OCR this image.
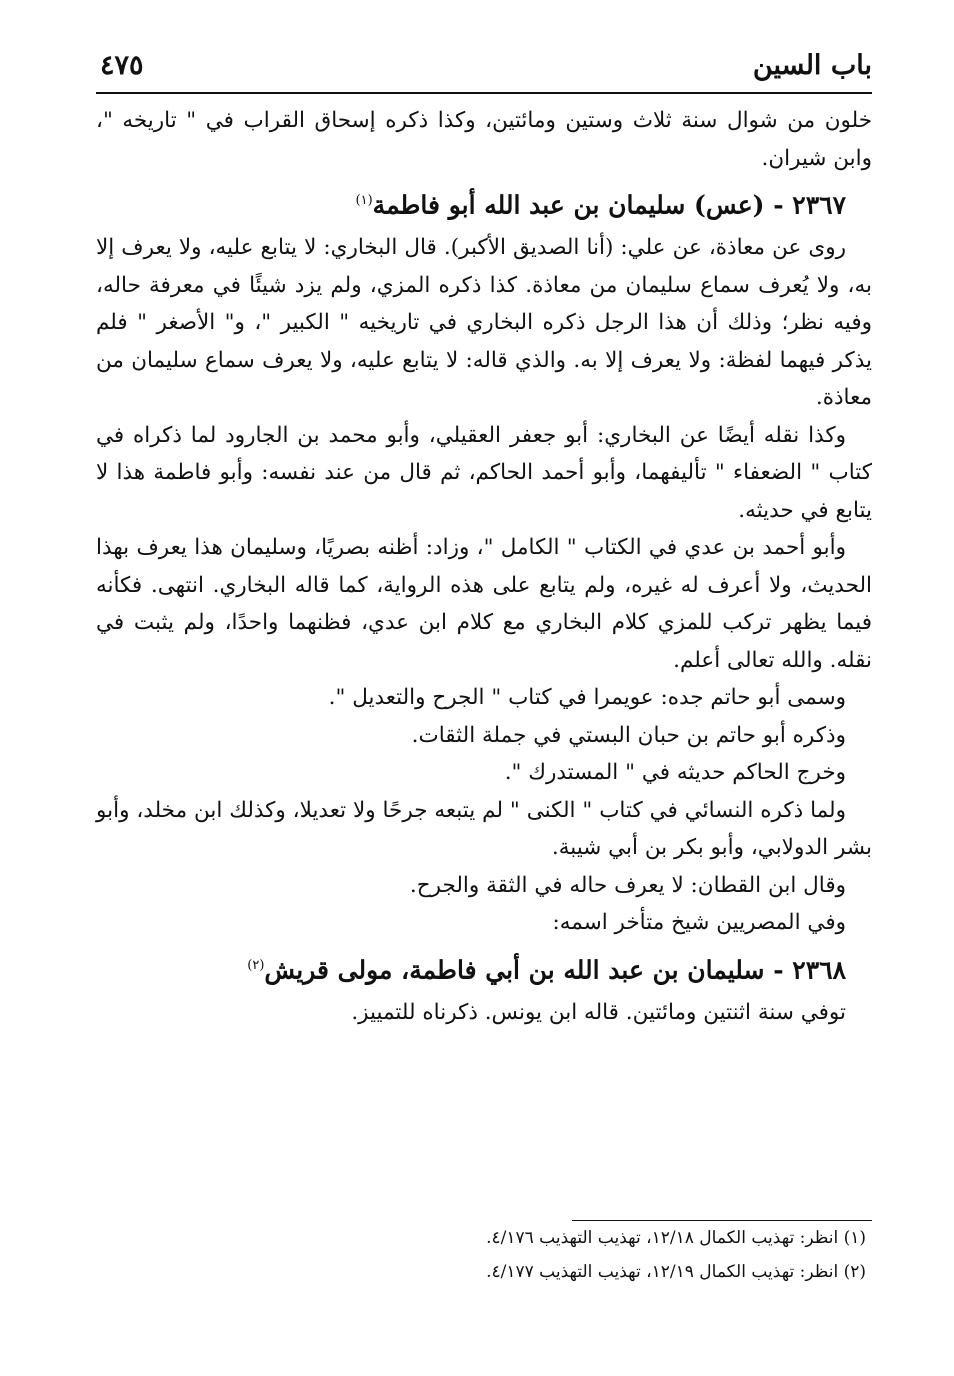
باب السين
٤٧٥

خلون من شوال سنة ثلاث وستين ومائتين، وكذا ذكره إسحاق القراب في " تاريخه "، وابن شيران.

٢٣٦٧ - (عس) سليمان بن عبد الله أبو فاطمة$^{(١)}$

روى عن معاذة، عن علي: (أنا الصديق الأكبر). قال البخاري: لا يتابع عليه، ولا يعرف إلا به، ولا يُعرف سماع سليمان من معاذة. كذا ذكره المزي، ولم يزد شيئًا في معرفة حاله، وفيه نظر؛ وذلك أن هذا الرجل ذكره البخاري في تاريخيه " الكبير "، و" الأصغر " فلم يذكر فيهما لفظة: ولا يعرف إلا به. والذي قاله: لا يتابع عليه، ولا يعرف سماع سليمان من معاذة.

وكذا نقله أيضًا عن البخاري: أبو جعفر العقيلي، وأبو محمد بن الجارود لما ذكراه في كتاب " الضعفاء " تأليفهما، وأبو أحمد الحاكم، ثم قال من عند نفسه: وأبو فاطمة هذا لا يتابع في حديثه.

وأبو أحمد بن عدي في الكتاب " الكامل "، وزاد: أظنه بصريًا، وسليمان هذا يعرف بهذا الحديث، ولا أعرف له غيره، ولم يتابع على هذه الرواية، كما قاله البخاري. انتهى. فكأنه فيما يظهر تركب للمزي كلام البخاري مع كلام ابن عدي، فظنهما واحدًا، ولم يثبت في نقله. والله تعالى أعلم.

وسمى أبو حاتم جده: عويمرا في كتاب " الجرح والتعديل ".

وذكره أبو حاتم بن حبان البستي في جملة الثقات.

وخرج الحاكم حديثه في " المستدرك ".

ولما ذكره النسائي في كتاب " الكنى " لم يتبعه جرحًا ولا تعديلا، وكذلك ابن مخلد، وأبو بشر الدولابي، وأبو بكر بن أبي شيبة.

وقال ابن القطان: لا يعرف حاله في الثقة والجرح.

وفي المصريين شيخ متأخر اسمه:

٢٣٦٨ - سليمان بن عبد الله بن أبي فاطمة، مولى قريش$^{(٢)}$

توفي سنة اثنتين ومائتين. قاله ابن يونس. ذكرناه للتمييز.

(١) انظر: تهذيب الكمال ١٢/١٨، تهذيب التهذيب ٤/١٧٦.
(٢) انظر: تهذيب الكمال ١٢/١٩، تهذيب التهذيب ٤/١٧٧.
